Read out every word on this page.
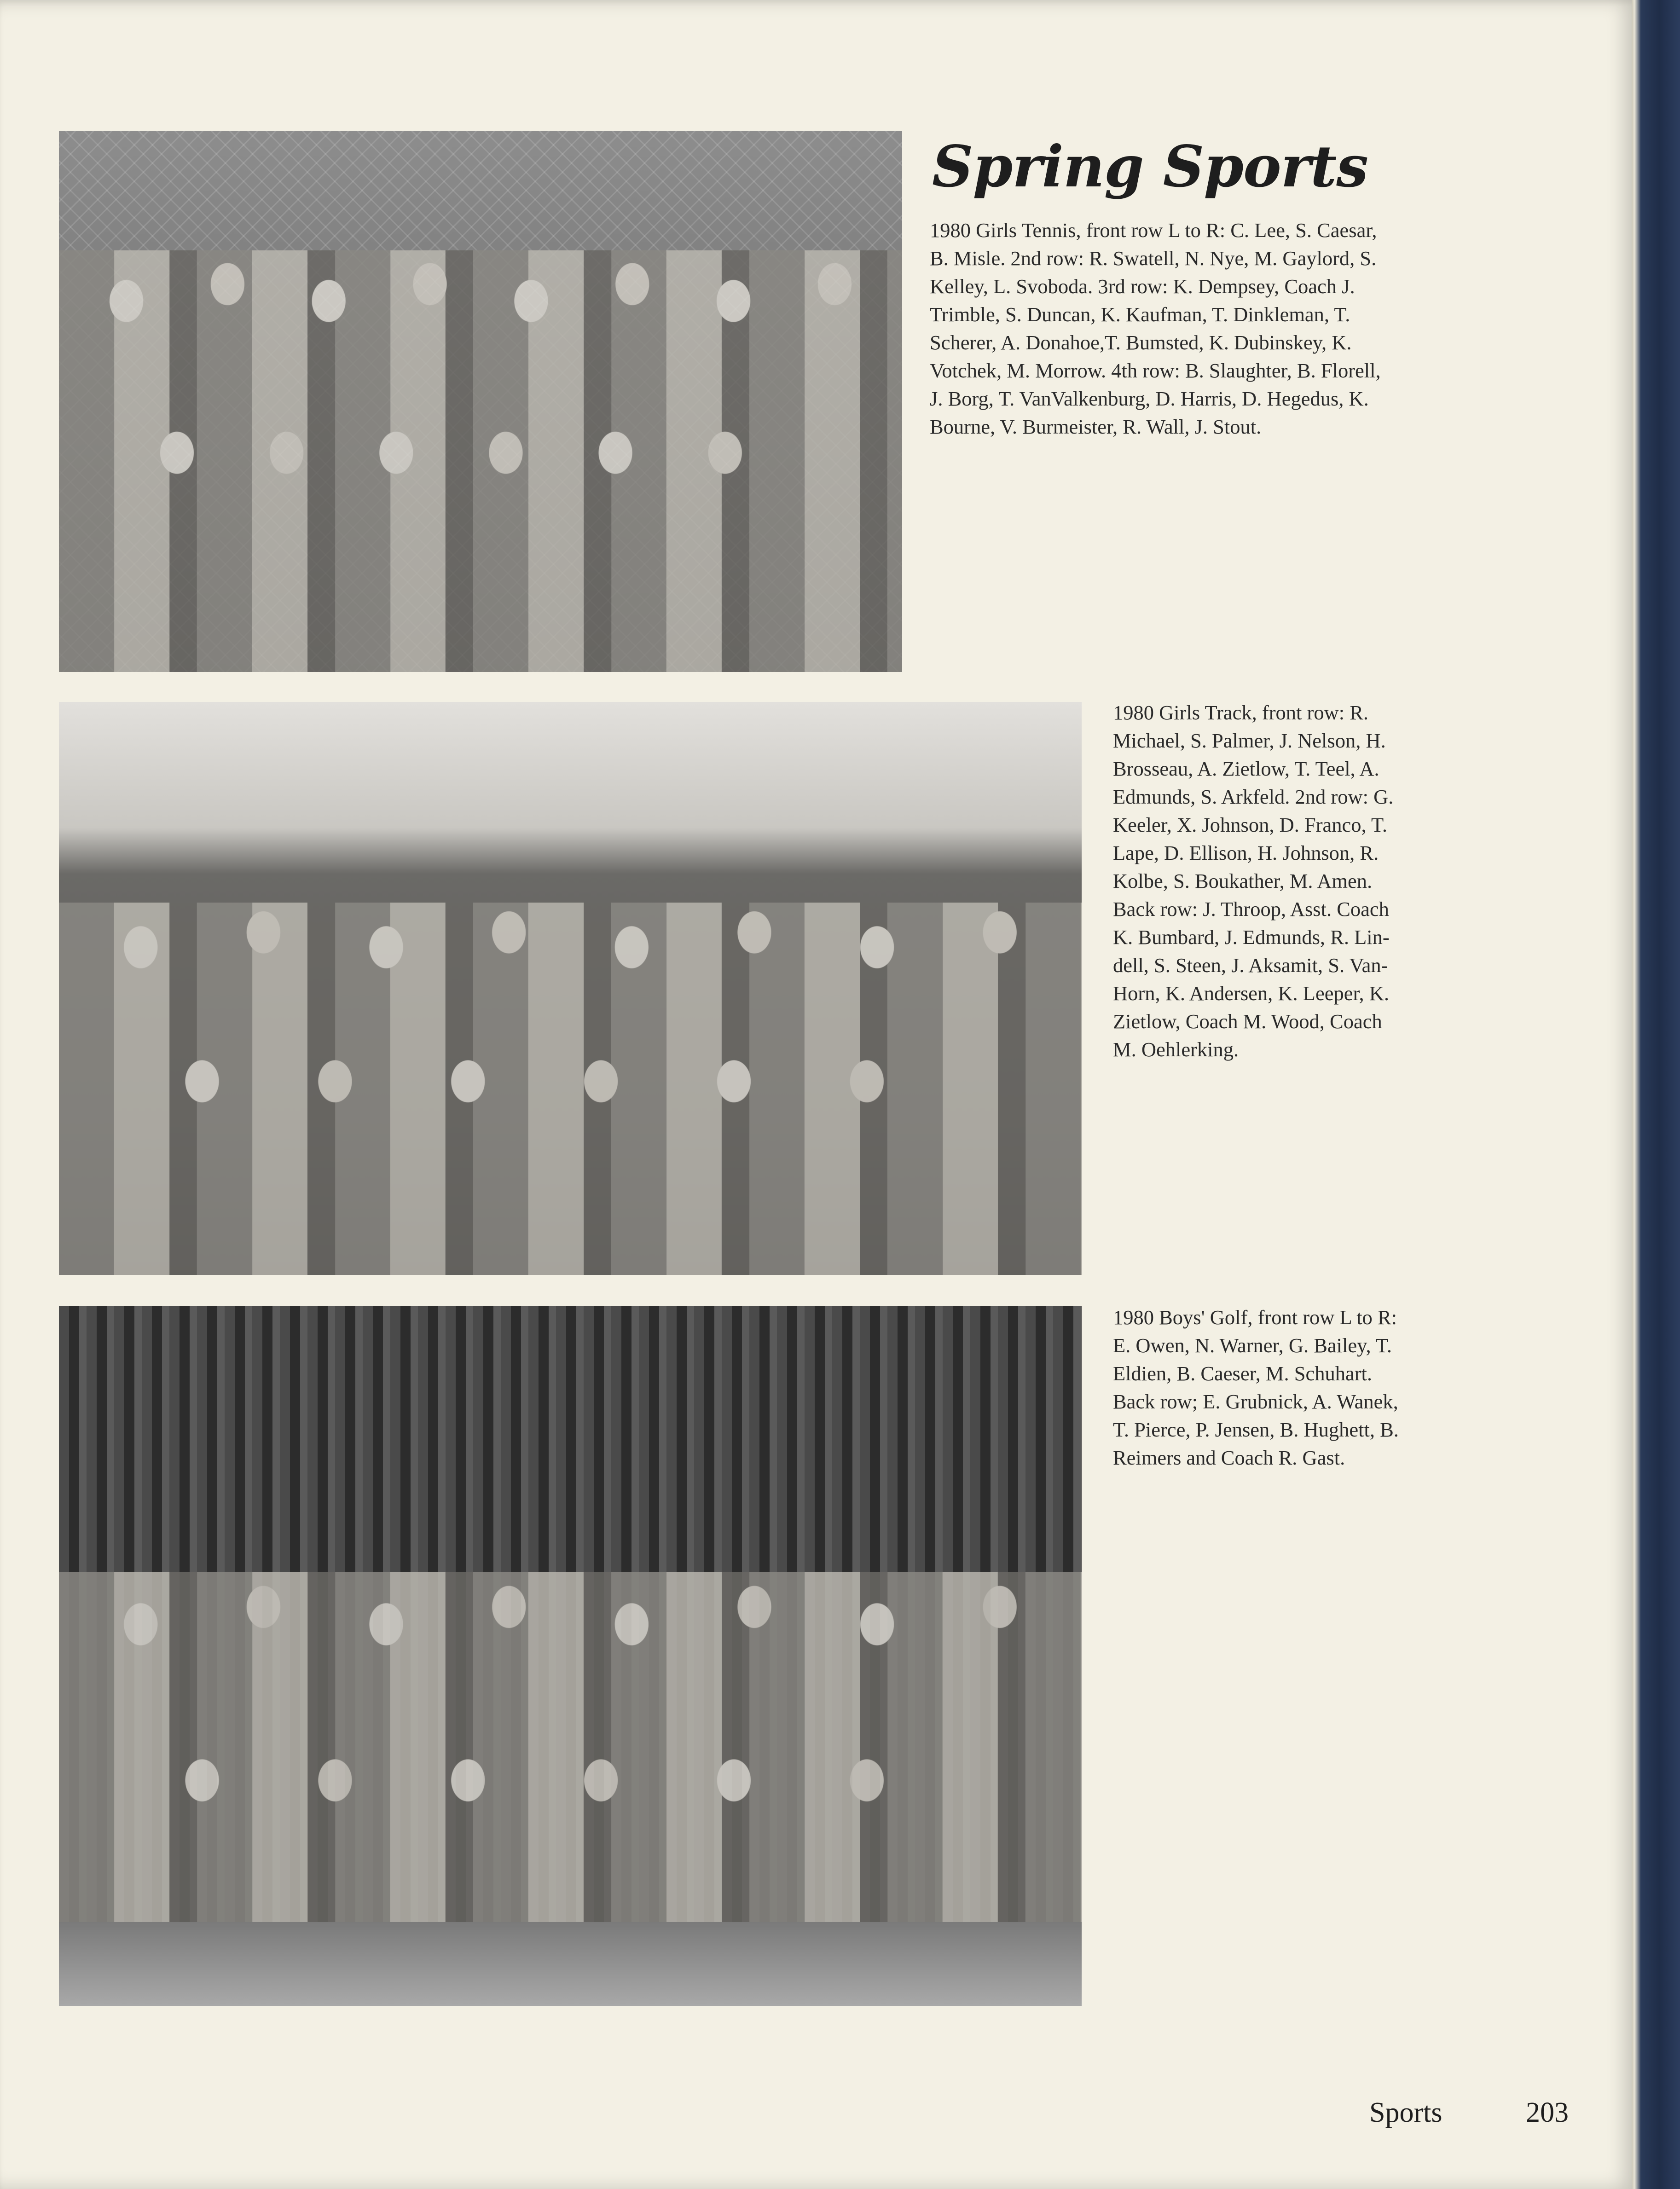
Spring Sports

1980 Girls Tennis, front row L to R: C. Lee, S. Caesar,
B. Misle. 2nd row: R. Swatell, N. Nye, M. Gaylord, S.
Kelley, L. Svoboda. 3rd row: K. Dempsey, Coach J.
Trimble, S. Duncan, K. Kaufman, T. Dinkleman, T.
Scherer, A. Donahoe,T. Bumsted, K. Dubinskey, K.
Votchek, M. Morrow. 4th row: B. Slaughter, B. Florell,
J. Borg, T. VanValkenburg, D. Harris, D. Hegedus, K.
Bourne, V. Burmeister, R. Wall, J. Stout.

1980 Girls Track, front row: R.
Michael, S. Palmer, J. Nelson, H.
Brosseau, A. Zietlow, T. Teel, A.
Edmunds, S. Arkfeld. 2nd row: G.
Keeler, X. Johnson, D. Franco, T.
Lape, D. Ellison, H. Johnson, R.
Kolbe, S. Boukather, M. Amen.
Back row: J. Throop, Asst. Coach
K. Bumbard, J. Edmunds, R. Lin-
dell, S. Steen, J. Aksamit, S. Van-
Horn, K. Andersen, K. Leeper, K.
Zietlow, Coach M. Wood, Coach
M. Oehlerking.

1980 Boys' Golf, front row L to R:
E. Owen, N. Warner, G. Bailey, T.
Eldien, B. Caeser, M. Schuhart.
Back row; E. Grubnick, A. Wanek,
T. Pierce, P. Jensen, B. Hughett, B.
Reimers and Coach R. Gast.

Sports	203
